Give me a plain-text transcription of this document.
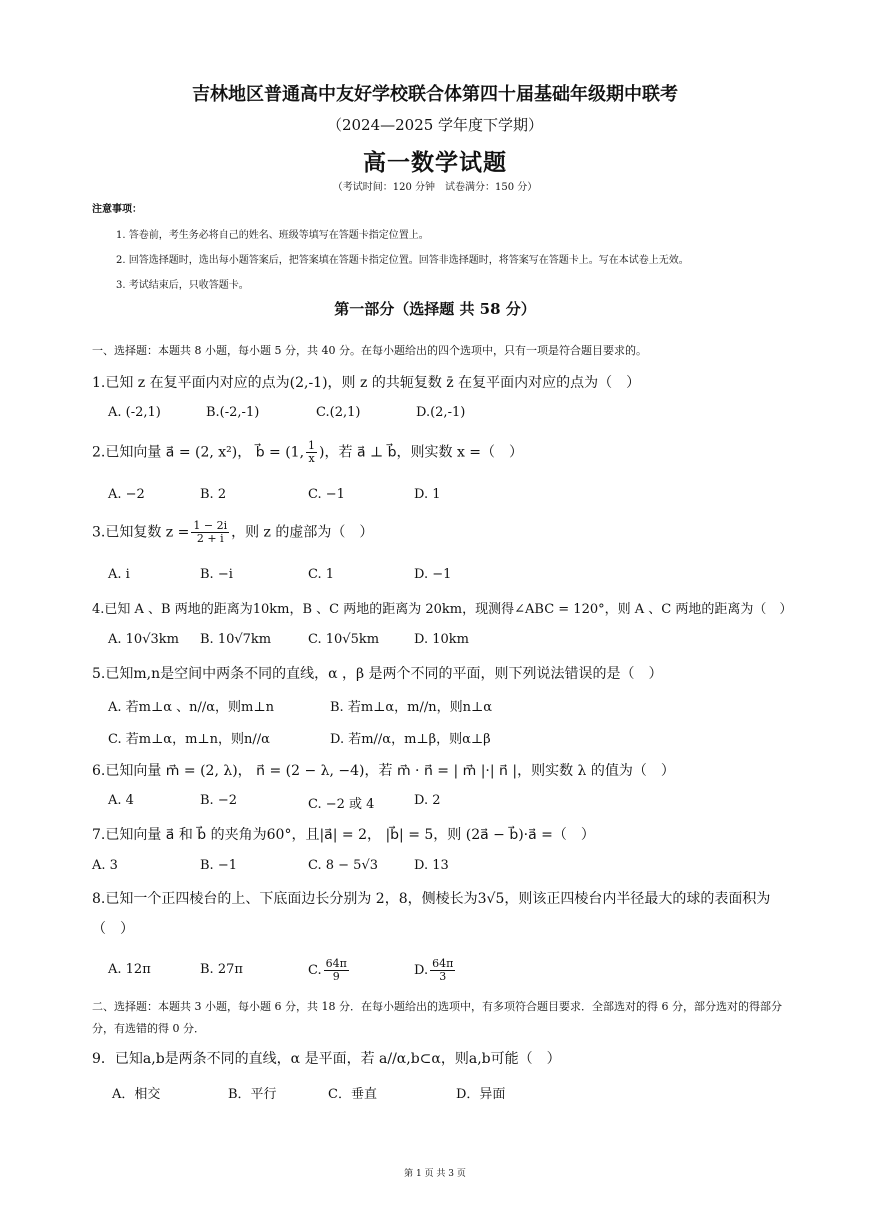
吉林地区普通高中友好学校联合体第四十届基础年级期中联考
（2024—2025 学年度下学期）
高一数学试题
（考试时间：120 分钟　试卷满分：150 分）
注意事项：
1. 答卷前，考生务必将自己的姓名、班级等填写在答题卡指定位置上。
2. 回答选择题时，选出每小题答案后，把答案填在答题卡指定位置。回答非选择题时，将答案写在答题卡上。写在本试卷上无效。
3. 考试结束后，只收答题卡。
第一部分（选择题 共 58 分）
一、选择题：本题共 8 小题，每小题 5 分，共 40 分。在每小题给出的四个选项中，只有一项是符合题目要求的。
1.已知 z 在复平面内对应的点为(2,-1)，则 z 的共轭复数 z̄ 在复平面内对应的点为（　）
A. (-2,1)	B.(-2,-1)	C.(2,1)	D.(2,-1)
2.已知向量 a⃗ = (2, x²)， b⃗ = (1, $\frac{1}{x}$ )，若 a⃗ ⊥ b⃗，则实数 x =（　）
A. −2	B. 2	C. −1	D. 1
3.已知复数 $z = \frac{1 - 2i}{2 + i}$ ，则 z 的虚部为（　）
A. i	B. −i	C. 1	D. −1
4.已知 A 、B 两地的距离为10km，B 、C 两地的距离为 20km，现测得∠ABC = 120°，则 A 、C 两地的距离为（　）
A. 10√3km B. 10√7km	C. 10√5km	D. 10km
5.已知m,n是空间中两条不同的直线，α ，β 是两个不同的平面，则下列说法错误的是（　）
A. 若m⊥α 、n//α，则m⊥n	B. 若m⊥α，m//n，则n⊥α
C. 若m⊥α，m⊥n，则n//α	D. 若m//α，m⊥β，则α⊥β
6.已知向量 m⃗ = (2, λ)， n⃗ = (2 − λ, −4)，若 m⃗ · n⃗ = | m⃗ |·| n⃗ |，则实数 λ 的值为（　）
A. 4	B. −2	C. −2 或 4	D. 2
7.已知向量 a⃗ 和 b⃗ 的夹角为60°，且|a⃗| = 2， |b⃗| = 5，则 (2a⃗ − b⃗)·a⃗ =（　）
A. 3	B. −1	C. 8 − 5√3	D. 13
8.已知一个正四棱台的上、下底面边长分别为 2，8，侧棱长为3√5，则该正四棱台内半径最大的球的表面积为（　）
A. 12π	B. 27π	C. $\frac{64\pi}{9}$	D. $\frac{64\pi}{3}$
二、选择题：本题共 3 小题，每小题 6 分，共 18 分．在每小题给出的选项中，有多项符合题目要求．全部选对的得 6 分，部分选对的得部分分，有选错的得 0 分．
9．已知a,b是两条不同的直线，α 是平面，若 a//α,b⊂α，则a,b可能（　）
A．相交	B．平行	C．垂直	D．异面
第 1 页 共 3 页
